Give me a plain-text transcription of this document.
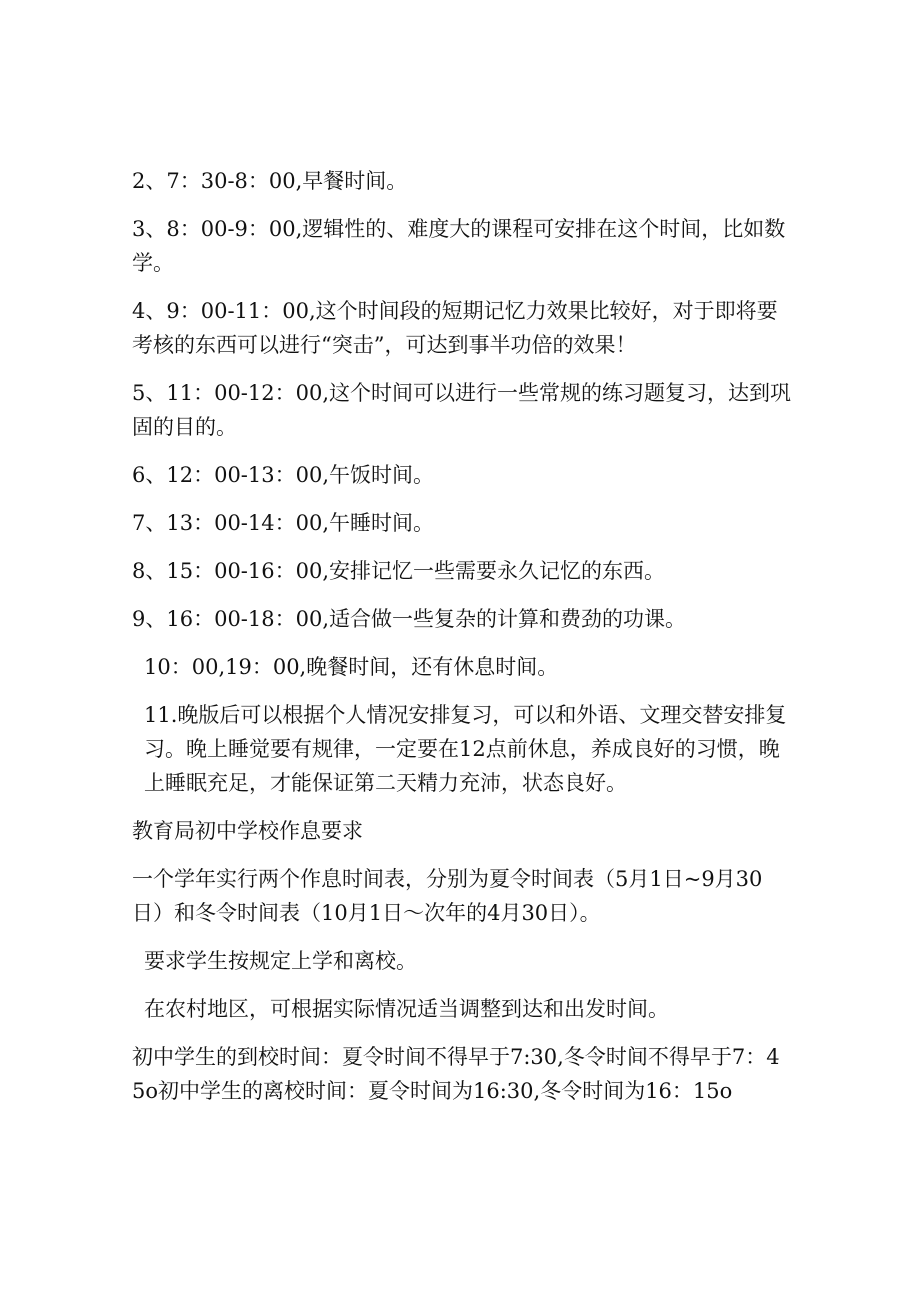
2、7：30-8：00,早餐时间。

3、8：00-9：00,逻辑性的、难度大的课程可安排在这个时间，比如数学。

4、9：00-11：00,这个时间段的短期记忆力效果比较好，对于即将要考核的东西可以进行“突击”，可达到事半功倍的效果！

5、11：00-12：00,这个时间可以进行一些常规的练习题复习，达到巩固的目的。

6、12：00-13：00,午饭时间。

7、13：00-14：00,午睡时间。

8、15：00-16：00,安排记忆一些需要永久记忆的东西。

9、16：00-18：00,适合做一些复杂的计算和费劲的功课。

10：00,19：00,晚餐时间，还有休息时间。

11.晚版后可以根据个人情况安排复习，可以和外语、文理交替安排复习。晚上睡觉要有规律，一定要在12点前休息，养成良好的习惯，晚上睡眠充足，才能保证第二天精力充沛，状态良好。

教育局初中学校作息要求

一个学年实行两个作息时间表，分别为夏令时间表（5月1日~9月30日）和冬令时间表（10月1日～次年的4月30日）。

要求学生按规定上学和离校。

在农村地区，可根据实际情况适当调整到达和出发时间。

初中学生的到校时间：夏令时间不得早于7:30,冬令时间不得早于7：45o初中学生的离校时间：夏令时间为16:30,冬令时间为16：15o
